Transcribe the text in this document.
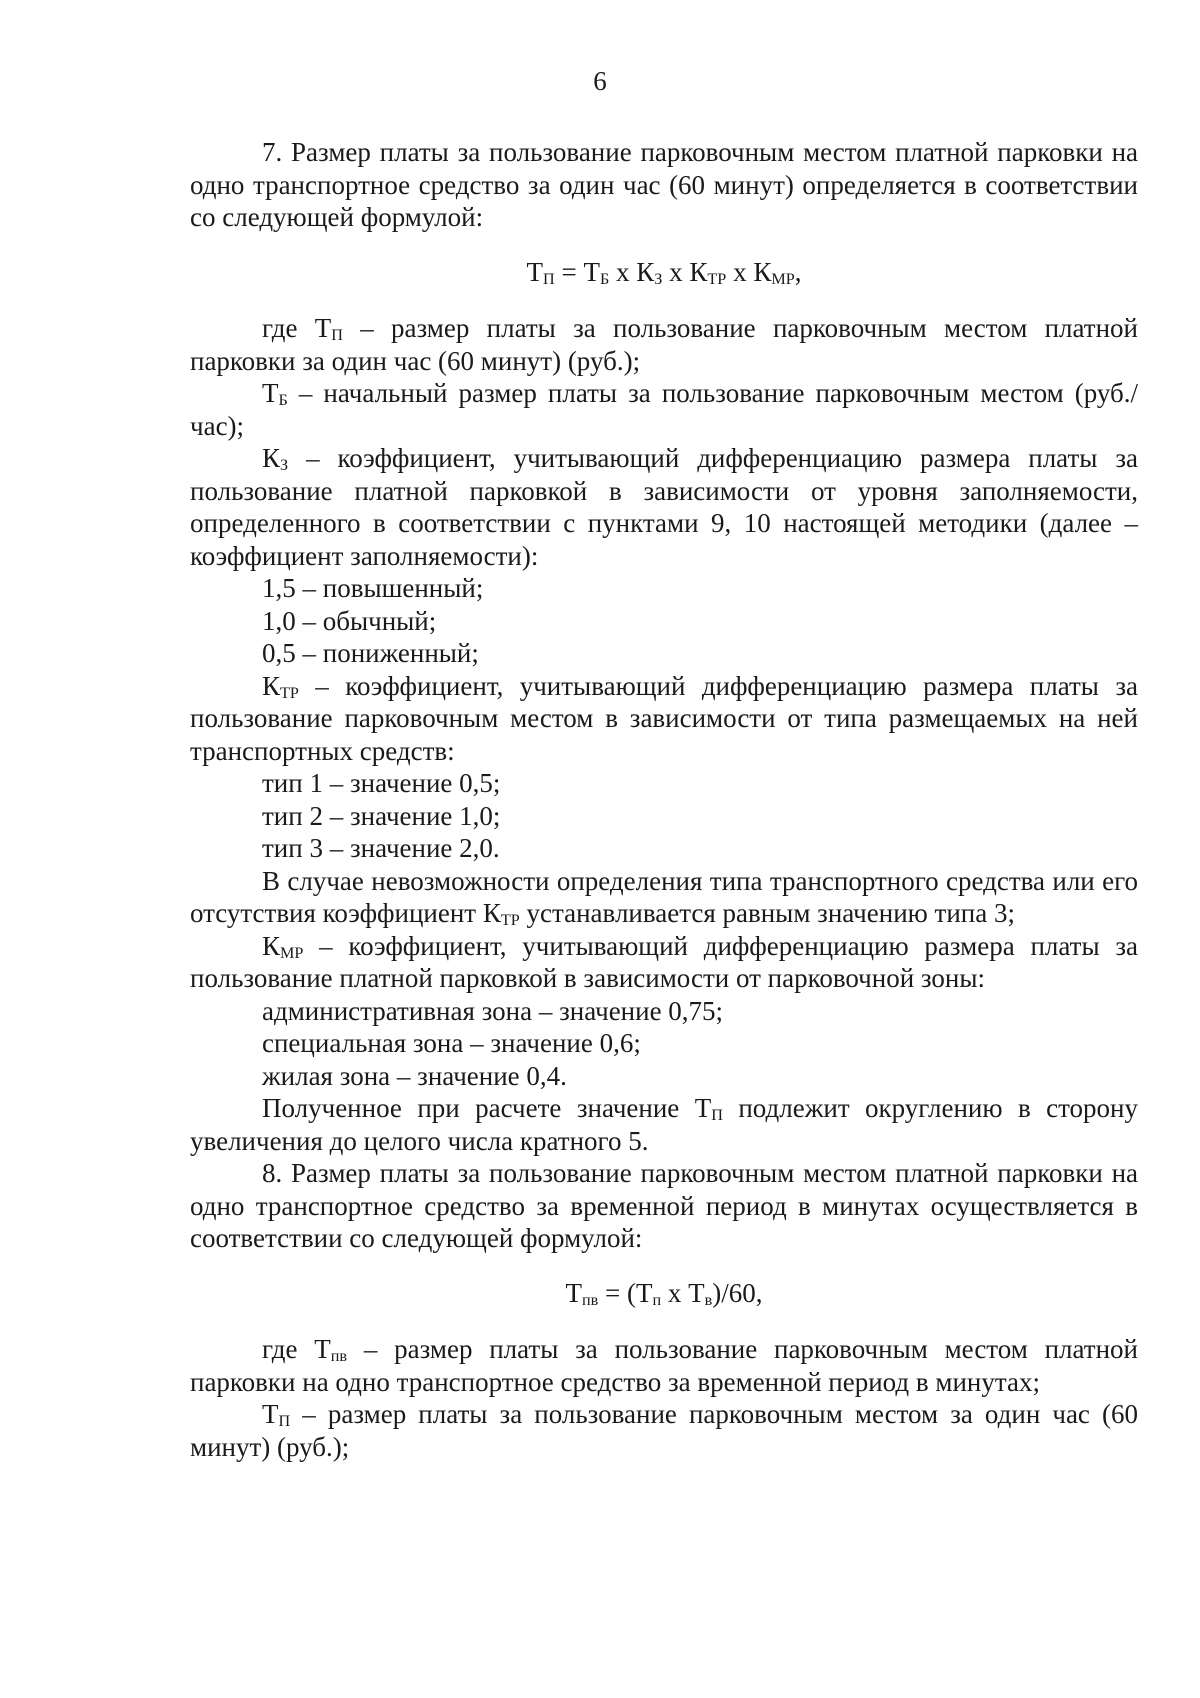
6

7. Размер платы за пользование парковочным местом платной парковки на одно транспортное средство за один час (60 минут) определяется в соответствии со следующей формулой:

$Т_П = Т_Б$ х $К_З$ х $К_{ТР}$ х $К_{МР}$,

где $Т_П$ – размер платы за пользование парковочным местом платной парковки за один час (60 минут) (руб.);

$Т_Б$ – начальный размер платы за пользование парковочным местом (руб./час);

$К_З$ – коэффициент, учитывающий дифференциацию размера платы за пользование платной парковкой в зависимости от уровня заполняемости, определенного в соответствии с пунктами 9, 10 настоящей методики (далее – коэффициент заполняемости):

1,5 – повышенный;

1,0 – обычный;

0,5 – пониженный;

$К_{ТР}$ – коэффициент, учитывающий дифференциацию размера платы за пользование парковочным местом в зависимости от типа размещаемых на ней транспортных средств:

тип 1 – значение 0,5;

тип 2 – значение 1,0;

тип 3 – значение 2,0.

В случае невозможности определения типа транспортного средства или его отсутствия коэффициент $К_{ТР}$ устанавливается равным значению типа 3;

$К_{МР}$ – коэффициент, учитывающий дифференциацию размера платы за пользование платной парковкой в зависимости от парковочной зоны:

административная зона – значение 0,75;

специальная зона – значение 0,6;

жилая зона – значение 0,4.

Полученное при расчете значение $Т_П$ подлежит округлению в сторону увеличения до целого числа кратного 5.

8. Размер платы за пользование парковочным местом платной парковки на одно транспортное средство за временной период в минутах осуществляется в соответствии со следующей формулой:

$Т_{пв} = (Т_п$ х $Т_в)/60$,

где $Т_{пв}$ – размер платы за пользование парковочным местом платной парковки на одно транспортное средство за временной период в минутах;

$Т_П$ – размер платы за пользование парковочным местом за один час (60 минут) (руб.);
